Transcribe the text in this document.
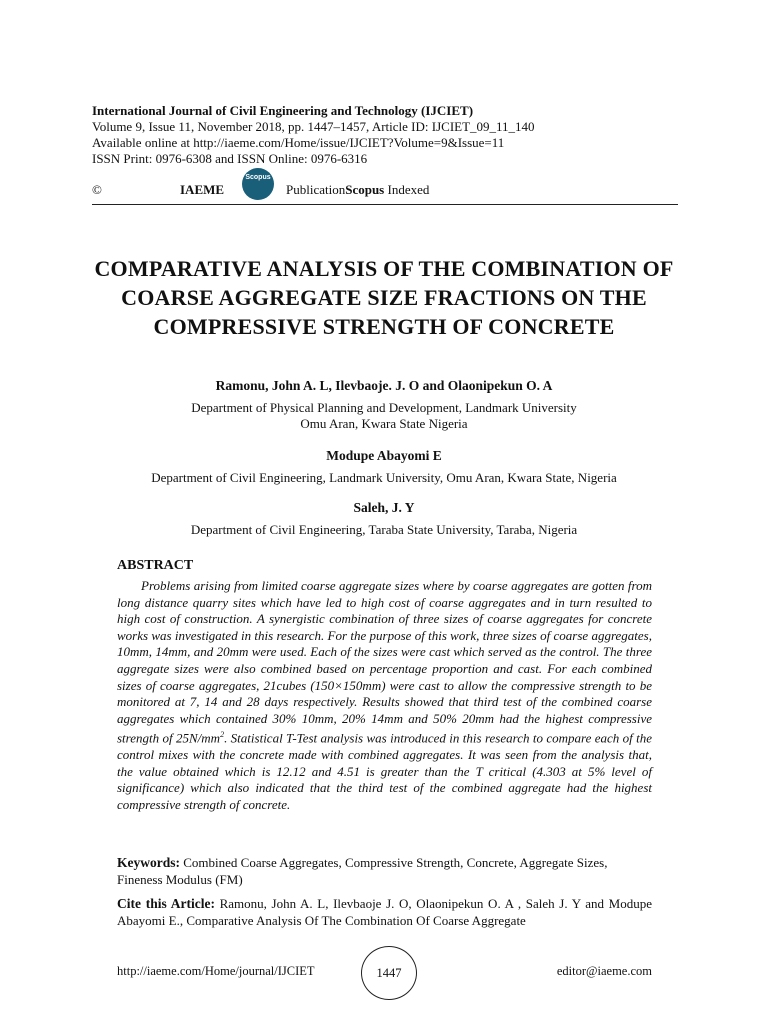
International Journal of Civil Engineering and Technology (IJCIET)
Volume 9, Issue 11, November 2018, pp. 1447–1457, Article ID: IJCIET_09_11_140
Available online at http://iaeme.com/Home/issue/IJCIET?Volume=9&Issue=11
ISSN Print: 0976-6308 and ISSN Online: 0976-6316
©	IAEME
Scopus
PublicationScopus Indexed
COMPARATIVE ANALYSIS OF THE COMBINATION OF COARSE AGGREGATE SIZE FRACTIONS ON THE COMPRESSIVE STRENGTH OF CONCRETE
Ramonu, John A. L, Ilevbaoje. J. O and Olaonipekun O. A
Department of Physical Planning and Development, Landmark University
Omu Aran, Kwara State Nigeria
Modupe Abayomi E
Department of Civil Engineering, Landmark University, Omu Aran, Kwara State, Nigeria
Saleh, J. Y
Department of Civil Engineering, Taraba State University, Taraba, Nigeria
ABSTRACT

Problems arising from limited coarse aggregate sizes where by coarse aggregates are gotten from long distance quarry sites which have led to high cost of coarse aggregates and in turn resulted to high cost of construction. A synergistic combination of three sizes of coarse aggregates for concrete works was investigated in this research. For the purpose of this work, three sizes of coarse aggregates, 10mm, 14mm, and 20mm were used. Each of the sizes were cast which served as the control. The three aggregate sizes were also combined based on percentage proportion and cast. For each combined sizes of coarse aggregates, 21cubes (150×150mm) were cast to allow the compressive strength to be monitored at 7, 14 and 28 days respectively. Results showed that third test of the combined coarse aggregates which contained 30% 10mm, 20% 14mm and 50% 20mm had the highest compressive strength of $25N/mm^2$. Statistical T-Test analysis was introduced in this research to compare each of the control mixes with the concrete made with combined aggregates. It was seen from the analysis that, the value obtained which is 12.12 and 4.51 is greater than the T critical (4.303 at 5% level of significance) which also indicated that the third test of the combined aggregate had the highest compressive strength of concrete.

Keywords: Combined Coarse Aggregates, Compressive Strength, Concrete, Aggregate Sizes, Fineness Modulus (FM)
Cite this Article: Ramonu, John A. L, Ilevbaoje J. O, Olaonipekun O. A , Saleh J. Y and Modupe Abayomi E., Comparative Analysis Of The Combination Of Coarse Aggregate
http://iaeme.com/Home/journal/IJCIET	1447	editor@iaeme.com
